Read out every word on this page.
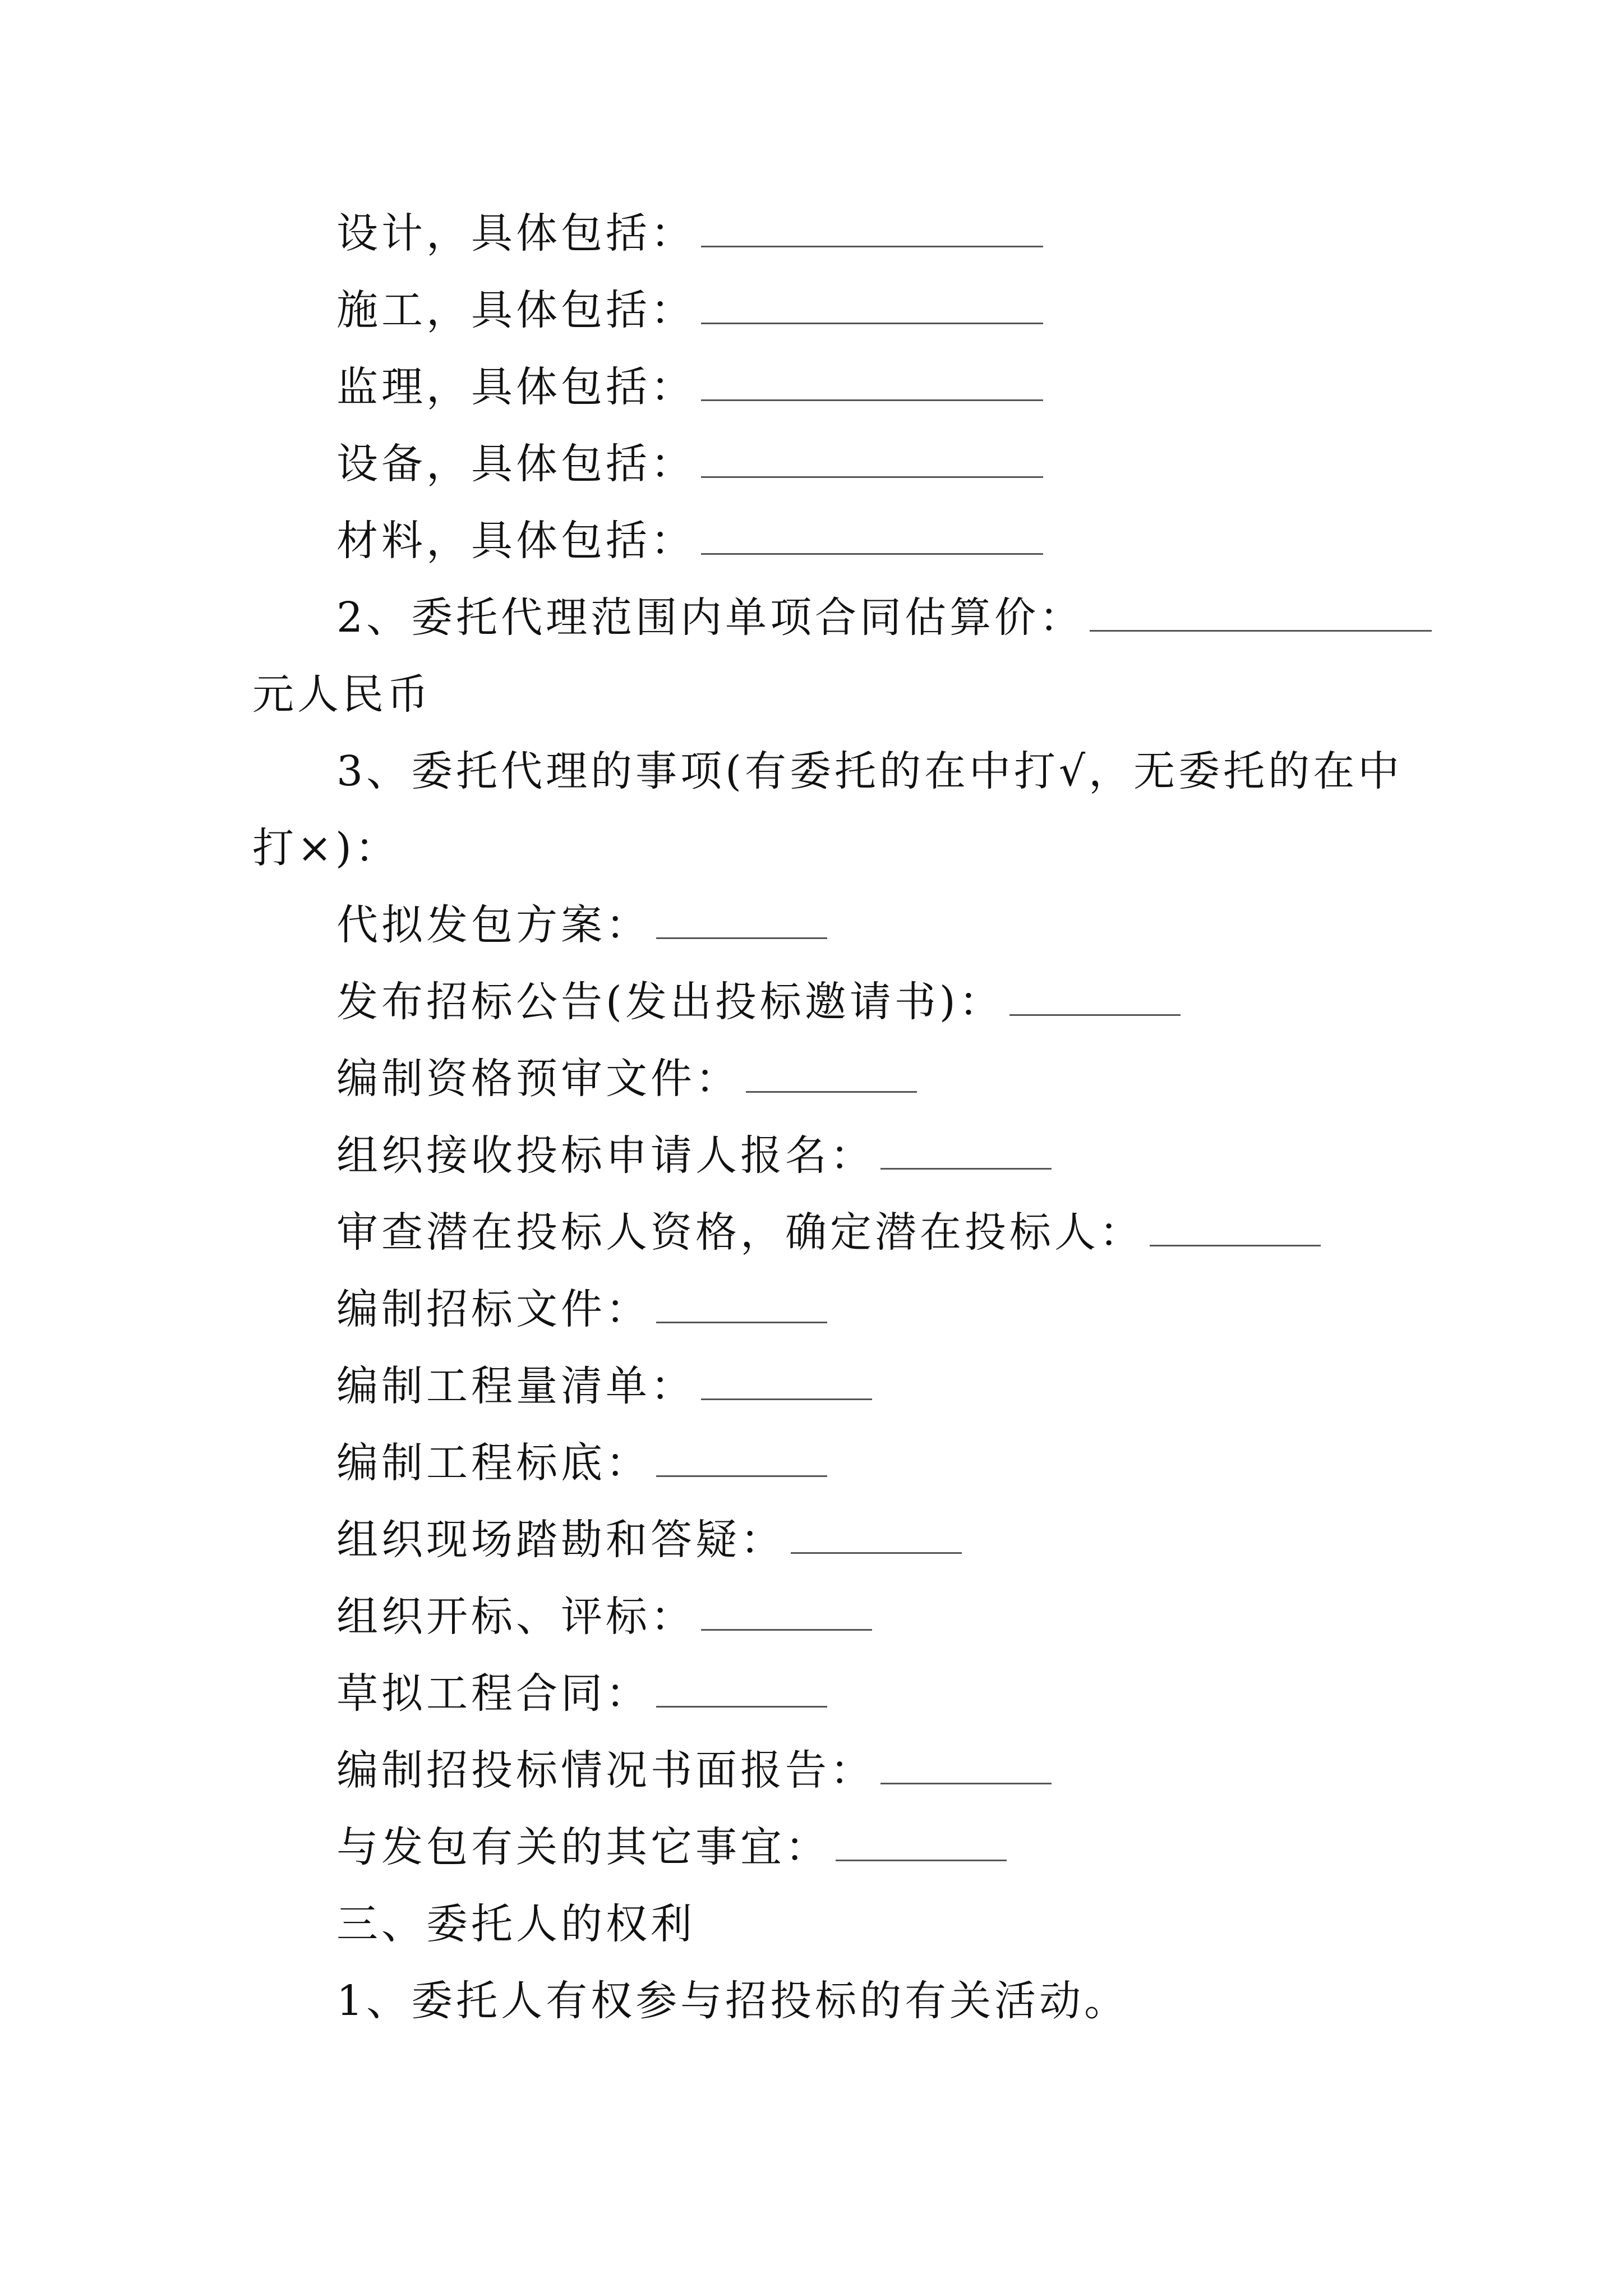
设计，具体包括：
施工，具体包括：
监理，具体包括：
设备，具体包括：
材料，具体包括：
2、委托代理范围内单项合同估算价：
元人民币
3、委托代理的事项(有委托的在中打√，无委托的在中
打×)：
代拟发包方案：
发布招标公告(发出投标邀请书)：
编制资格预审文件：
组织接收投标申请人报名：
审查潜在投标人资格，确定潜在投标人：
编制招标文件：
编制工程量清单：
编制工程标底：
组织现场踏勘和答疑：
组织开标、评标：
草拟工程合同：
编制招投标情况书面报告：
与发包有关的其它事宜：
三、委托人的权利
1、委托人有权参与招投标的有关活动。
